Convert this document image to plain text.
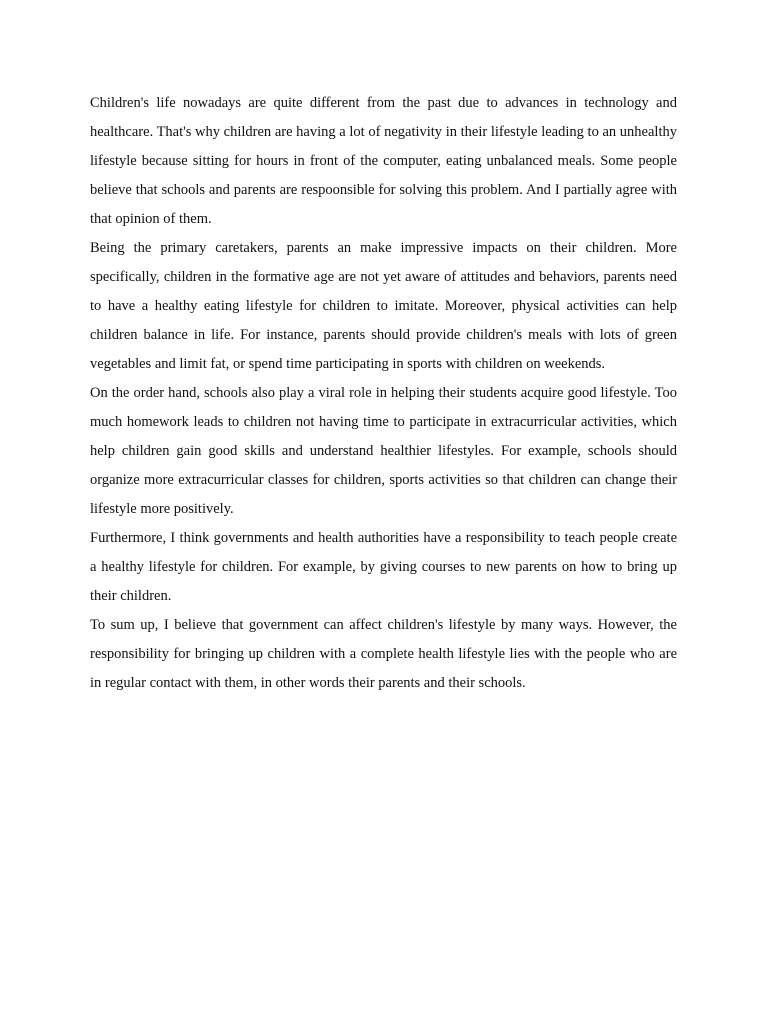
Children's life nowadays are quite different from the past due to advances in technology and healthcare. That's why children are having a lot of negativity in their lifestyle leading to an unhealthy lifestyle because sitting for hours in front of the computer, eating unbalanced meals. Some people believe that schools and parents are respoonsible for solving this problem. And I partially agree with that opinion of them.

Being the primary caretakers, parents an make impressive impacts on their children. More specifically, children in the formative age are not yet aware of attitudes and behaviors, parents need to have a healthy eating lifestyle for children to imitate. Moreover, physical activities can help children balance in life. For instance, parents should provide children's meals with lots of green vegetables and limit fat, or spend time participating in sports with children on weekends.

On the order hand, schools also play a viral role in helping their students acquire good lifestyle. Too much homework leads to children not having time to participate in extracurricular activities, which help children gain good skills and understand healthier lifestyles. For example, schools should organize more extracurricular classes for children, sports activities so that children can change their lifestyle more positively.

Furthermore, I think governments and health authorities have a responsibility to teach people create a healthy lifestyle for children. For example, by giving courses to new parents on how to bring up their children.

To sum up, I believe that government can affect children's lifestyle by many ways. However, the responsibility for bringing up children with a complete health lifestyle lies with the people who are in regular contact with them, in other words their parents and their schools.
